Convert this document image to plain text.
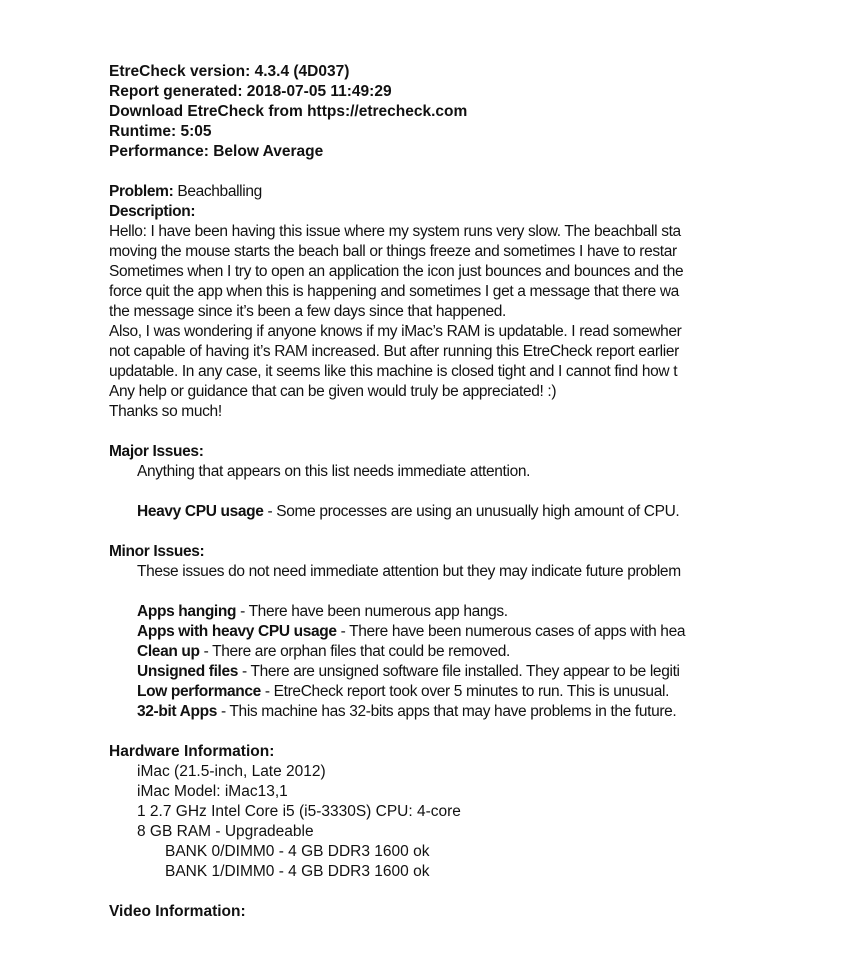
EtreCheck version: 4.3.4 (4D037)
Report generated: 2018-07-05 11:49:29
Download EtreCheck from https://etrecheck.com
Runtime: 5:05
Performance: Below Average
Problem: Beachballing
Description:
Hello: I have been having this issue where my system runs very slow. The beachball sta
moving the mouse starts the beach ball or things freeze and sometimes I have to restar
Sometimes when I try to open an application the icon just bounces and bounces and the
force quit the app when this is happening and sometimes I get a message that there wa
the message since it’s been a few days since that happened.
Also, I was wondering if anyone knows if my iMac’s RAM is updatable. I read somewher
not capable of having it’s RAM increased. But after running this EtreCheck report earlier
updatable. In any case, it seems like this machine is closed tight and I cannot find how t
Any help or guidance that can be given would truly be appreciated! :)
Thanks so much!
Major Issues:
Anything that appears on this list needs immediate attention.
Heavy CPU usage - Some processes are using an unusually high amount of CPU.
Minor Issues:
These issues do not need immediate attention but they may indicate future problem
Apps hanging - There have been numerous app hangs.
Apps with heavy CPU usage - There have been numerous cases of apps with hea
Clean up - There are orphan files that could be removed.
Unsigned files - There are unsigned software file installed. They appear to be legiti
Low performance - EtreCheck report took over 5 minutes to run. This is unusual.
32-bit Apps - This machine has 32-bits apps that may have problems in the future.
Hardware Information:
iMac (21.5-inch, Late 2012)
iMac Model: iMac13,1
1 2.7 GHz Intel Core i5 (i5-3330S) CPU: 4-core
8 GB RAM - Upgradeable
BANK 0/DIMM0 - 4 GB DDR3 1600 ok
BANK 1/DIMM0 - 4 GB DDR3 1600 ok
Video Information:
